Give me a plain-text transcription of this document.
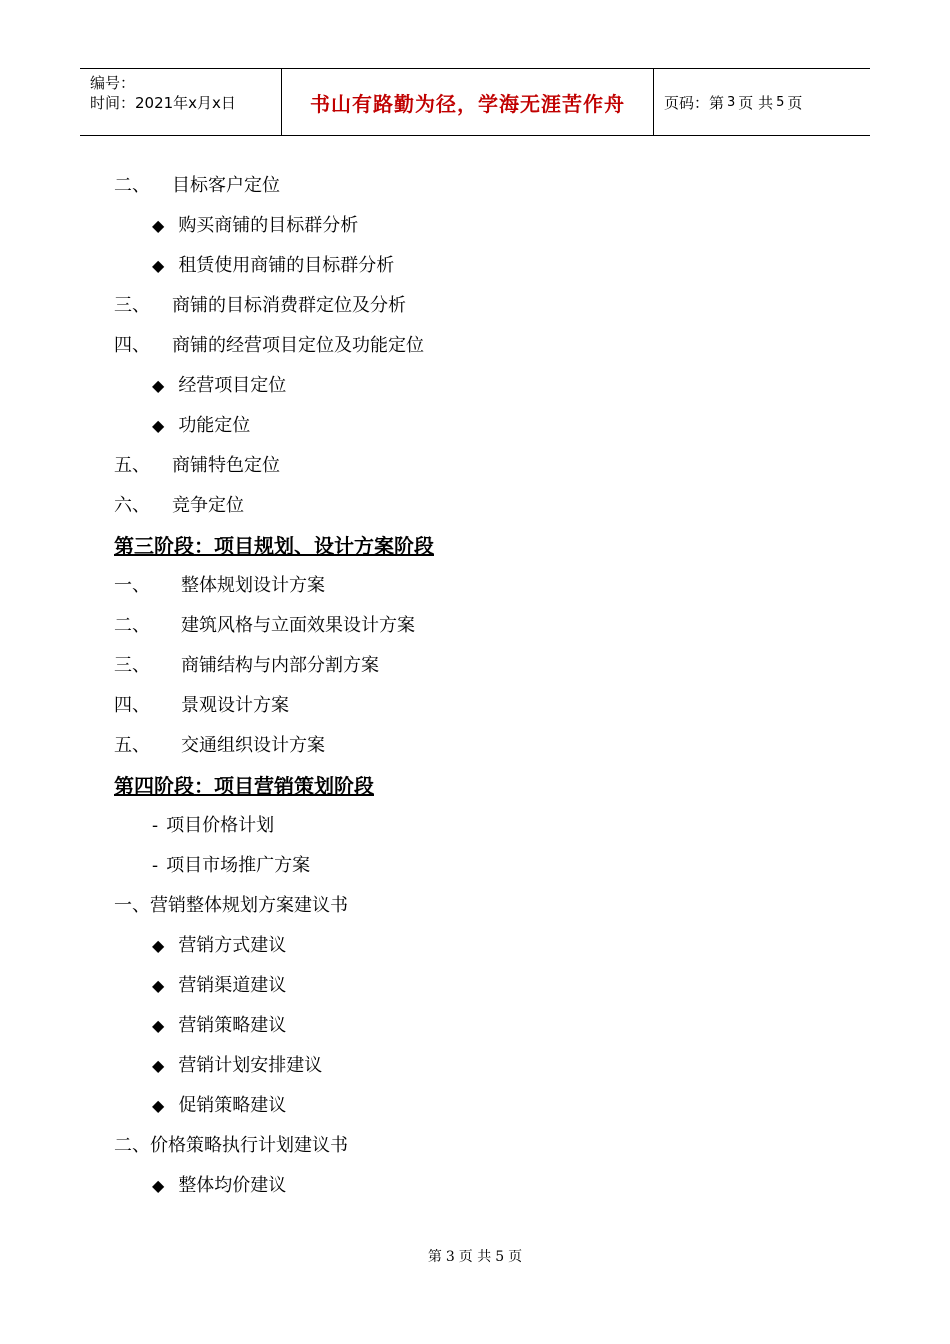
编号：
时间：2021年x月x日	书山有路勤为径，学海无涯苦作舟	页码：第 3 页 共 5 页
二、 目标客户定位
◆ 购买商铺的目标群分析
◆ 租赁使用商铺的目标群分析
三、 商铺的目标消费群定位及分析
四、 商铺的经营项目定位及功能定位
◆ 经营项目定位
◆ 功能定位
五、 商铺特色定位
六、 竞争定位
第三阶段：项目规划、设计方案阶段
一、 整体规划设计方案
二、 建筑风格与立面效果设计方案
三、 商铺结构与内部分割方案
四、 景观设计方案
五、 交通组织设计方案
第四阶段：项目营销策划阶段
- 项目价格计划
- 项目市场推广方案
一、营销整体规划方案建议书
◆ 营销方式建议
◆ 营销渠道建议
◆ 营销策略建议
◆ 营销计划安排建议
◆ 促销策略建议
二、价格策略执行计划建议书
◆ 整体均价建议
第 3 页 共 5 页
